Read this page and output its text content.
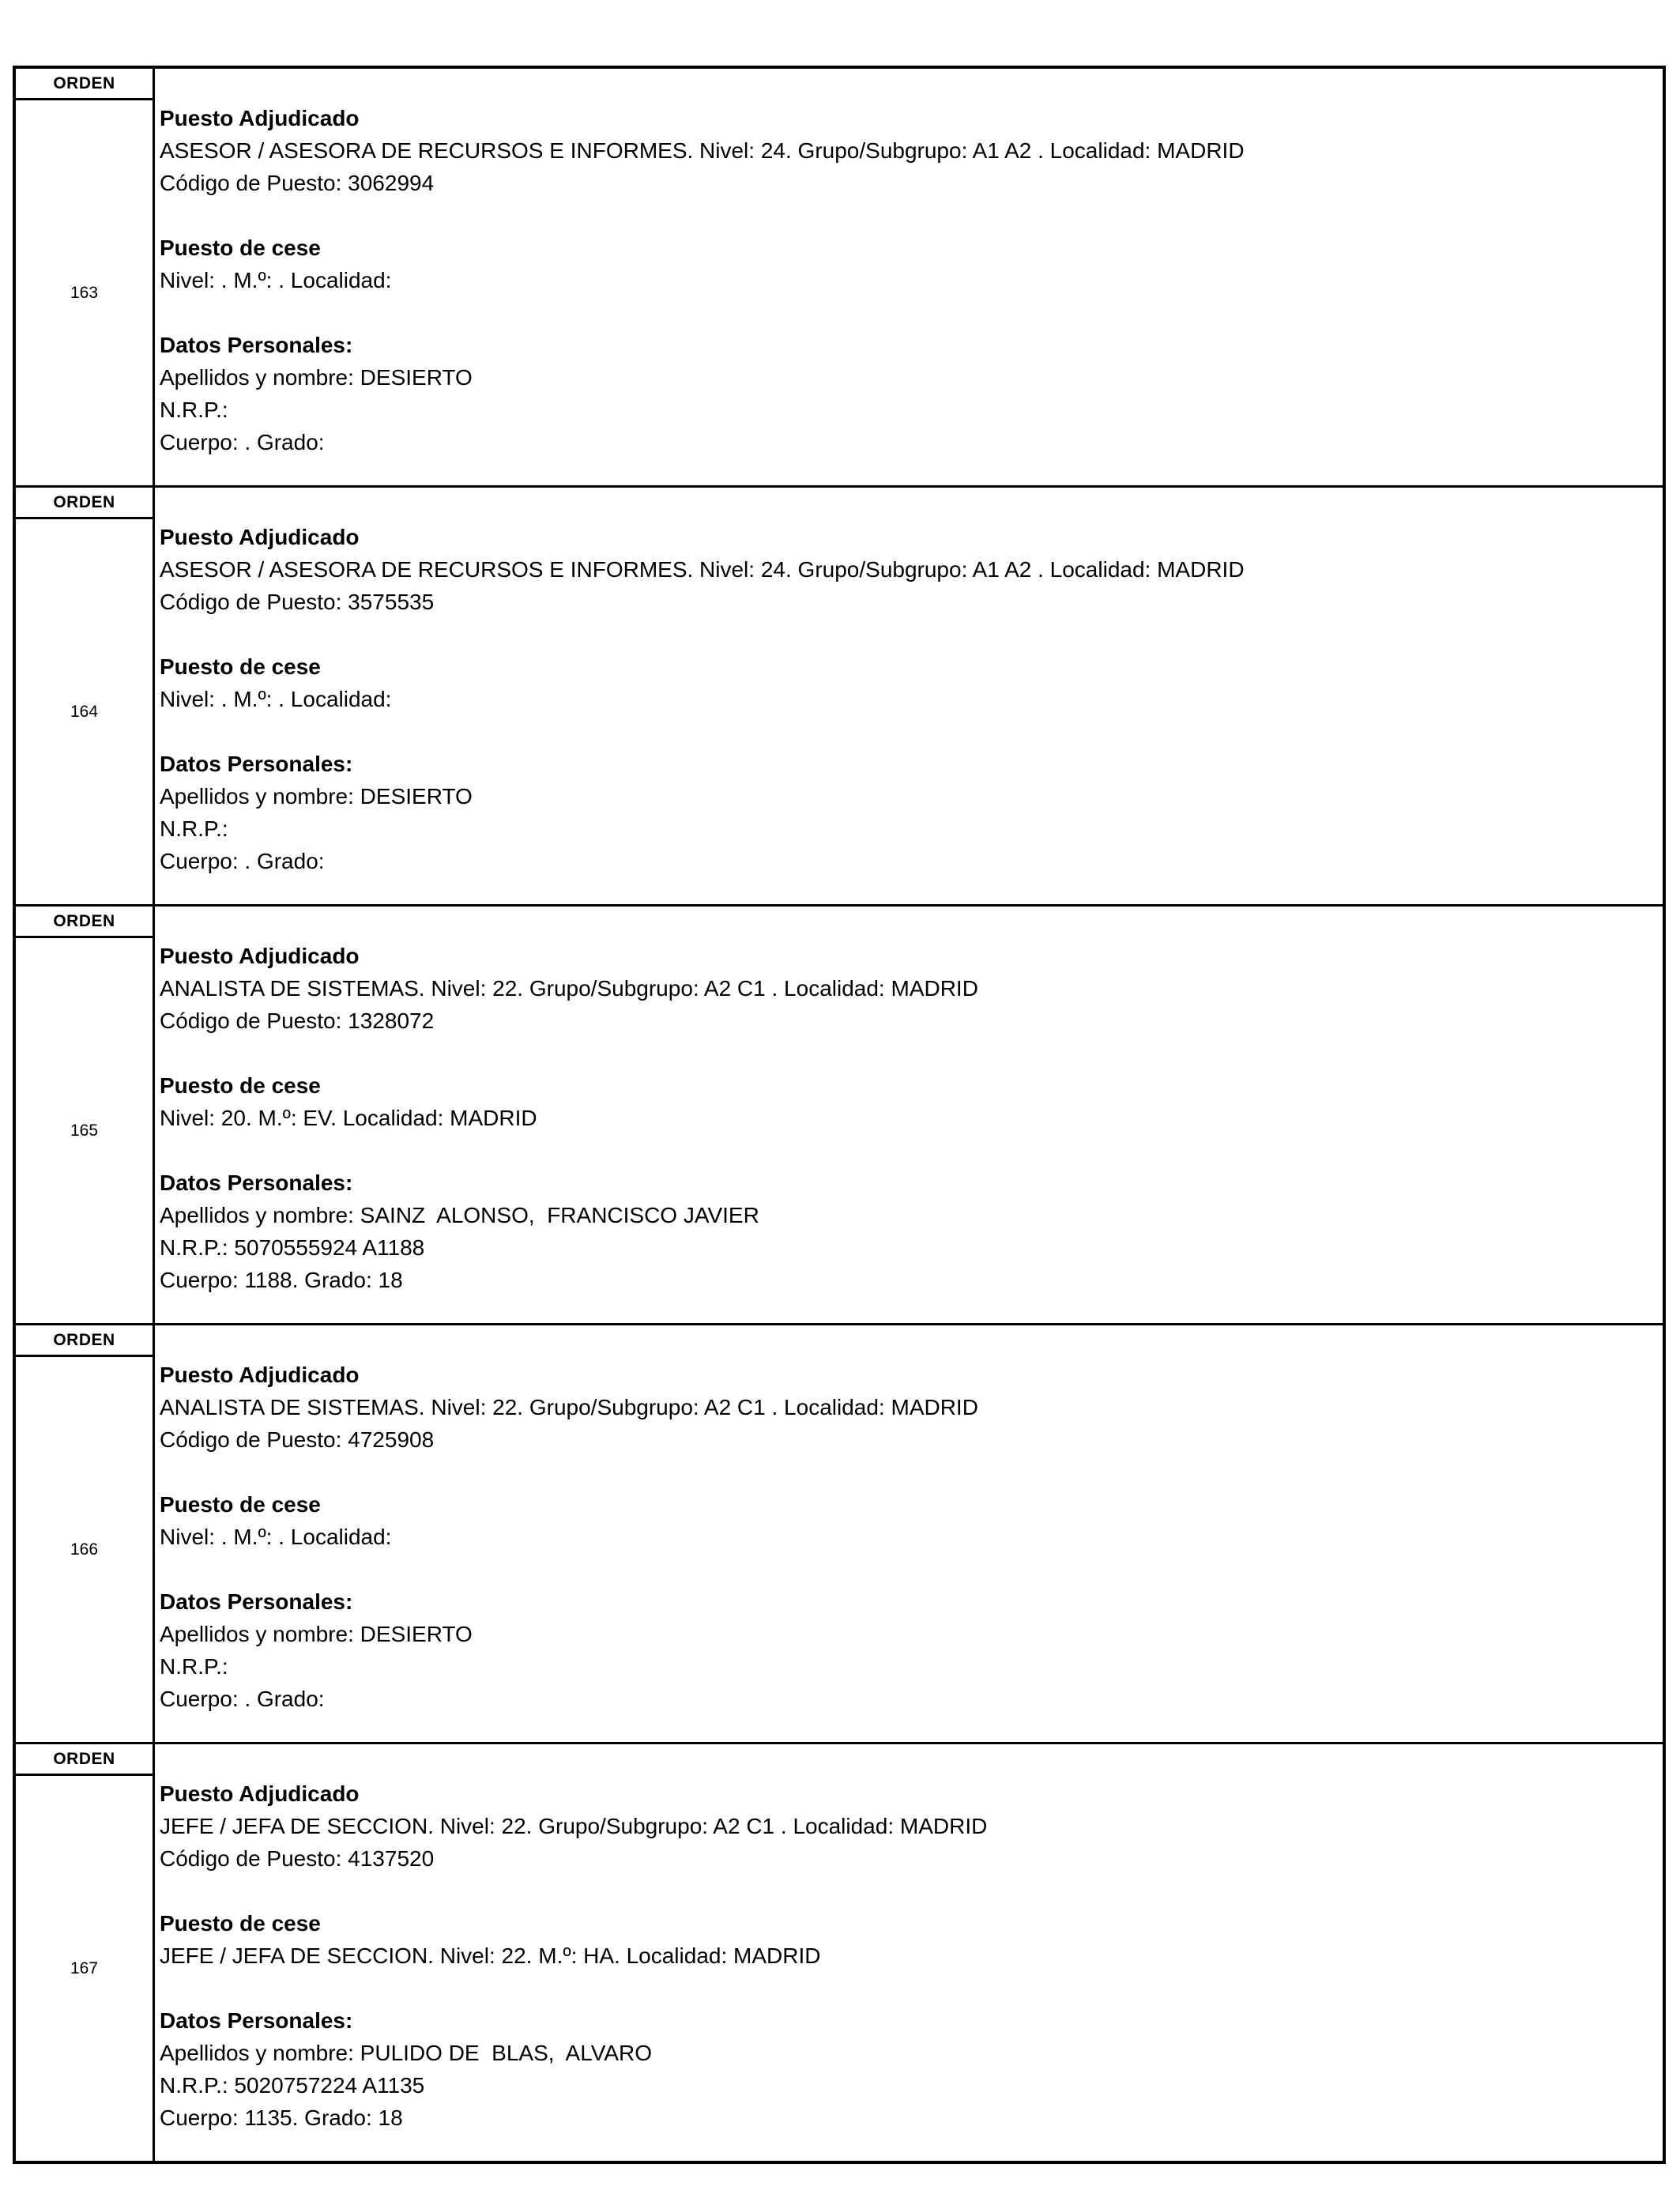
ORDEN
163
Puesto Adjudicado
ASESOR / ASESORA DE RECURSOS E INFORMES. Nivel: 24. Grupo/Subgrupo: A1 A2 . Localidad: MADRID
Código de Puesto: 3062994
Puesto de cese
Nivel: . M.º: . Localidad:
Datos Personales:
Apellidos y nombre: DESIERTO
N.R.P.:
Cuerpo: . Grado:
ORDEN
164
Puesto Adjudicado
ASESOR / ASESORA DE RECURSOS E INFORMES. Nivel: 24. Grupo/Subgrupo: A1 A2 . Localidad: MADRID
Código de Puesto: 3575535
Puesto de cese
Nivel: . M.º: . Localidad:
Datos Personales:
Apellidos y nombre: DESIERTO
N.R.P.:
Cuerpo: . Grado:
ORDEN
165
Puesto Adjudicado
ANALISTA DE SISTEMAS. Nivel: 22. Grupo/Subgrupo: A2 C1 . Localidad: MADRID
Código de Puesto: 1328072
Puesto de cese
Nivel: 20. M.º: EV. Localidad: MADRID
Datos Personales:
Apellidos y nombre: SAINZ  ALONSO,  FRANCISCO JAVIER
N.R.P.: 5070555924 A1188
Cuerpo: 1188. Grado: 18
ORDEN
166
Puesto Adjudicado
ANALISTA DE SISTEMAS. Nivel: 22. Grupo/Subgrupo: A2 C1 . Localidad: MADRID
Código de Puesto: 4725908
Puesto de cese
Nivel: . M.º: . Localidad:
Datos Personales:
Apellidos y nombre: DESIERTO
N.R.P.:
Cuerpo: . Grado:
ORDEN
167
Puesto Adjudicado
JEFE / JEFA DE SECCION. Nivel: 22. Grupo/Subgrupo: A2 C1 . Localidad: MADRID
Código de Puesto: 4137520
Puesto de cese
JEFE / JEFA DE SECCION. Nivel: 22. M.º: HA. Localidad: MADRID
Datos Personales:
Apellidos y nombre: PULIDO DE  BLAS,  ALVARO
N.R.P.: 5020757224 A1135
Cuerpo: 1135. Grado: 18
